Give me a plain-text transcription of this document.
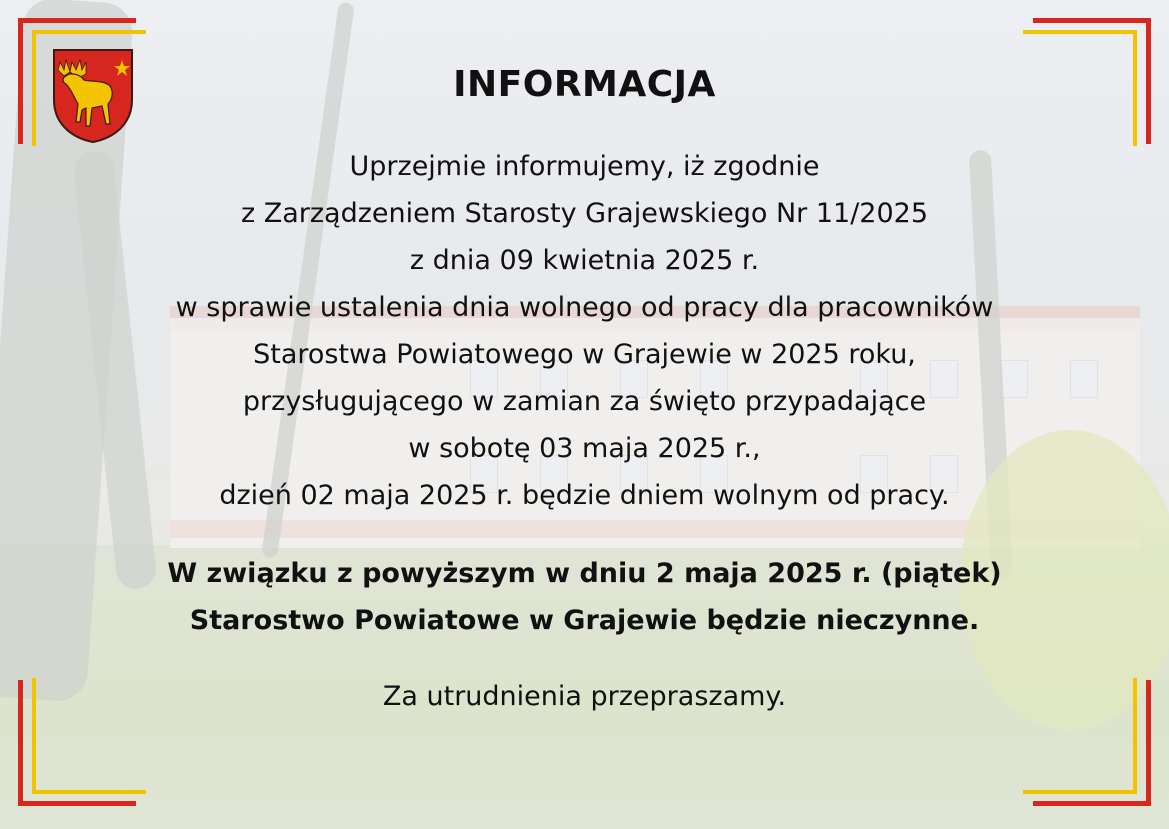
INFORMACJA
Uprzejmie informujemy, iż zgodnie
z Zarządzeniem Starosty Grajewskiego Nr 11/2025
z dnia 09 kwietnia 2025 r.
w sprawie ustalenia dnia wolnego od pracy dla pracowników
Starostwa Powiatowego w Grajewie w 2025 roku,
przysługującego w zamian za święto przypadające
w sobotę 03 maja 2025 r.,
dzień 02 maja 2025 r. będzie dniem wolnym od pracy.
W związku z powyższym w dniu 2 maja 2025 r. (piątek)
Starostwo Powiatowe w Grajewie będzie nieczynne.
Za utrudnienia przepraszamy.
